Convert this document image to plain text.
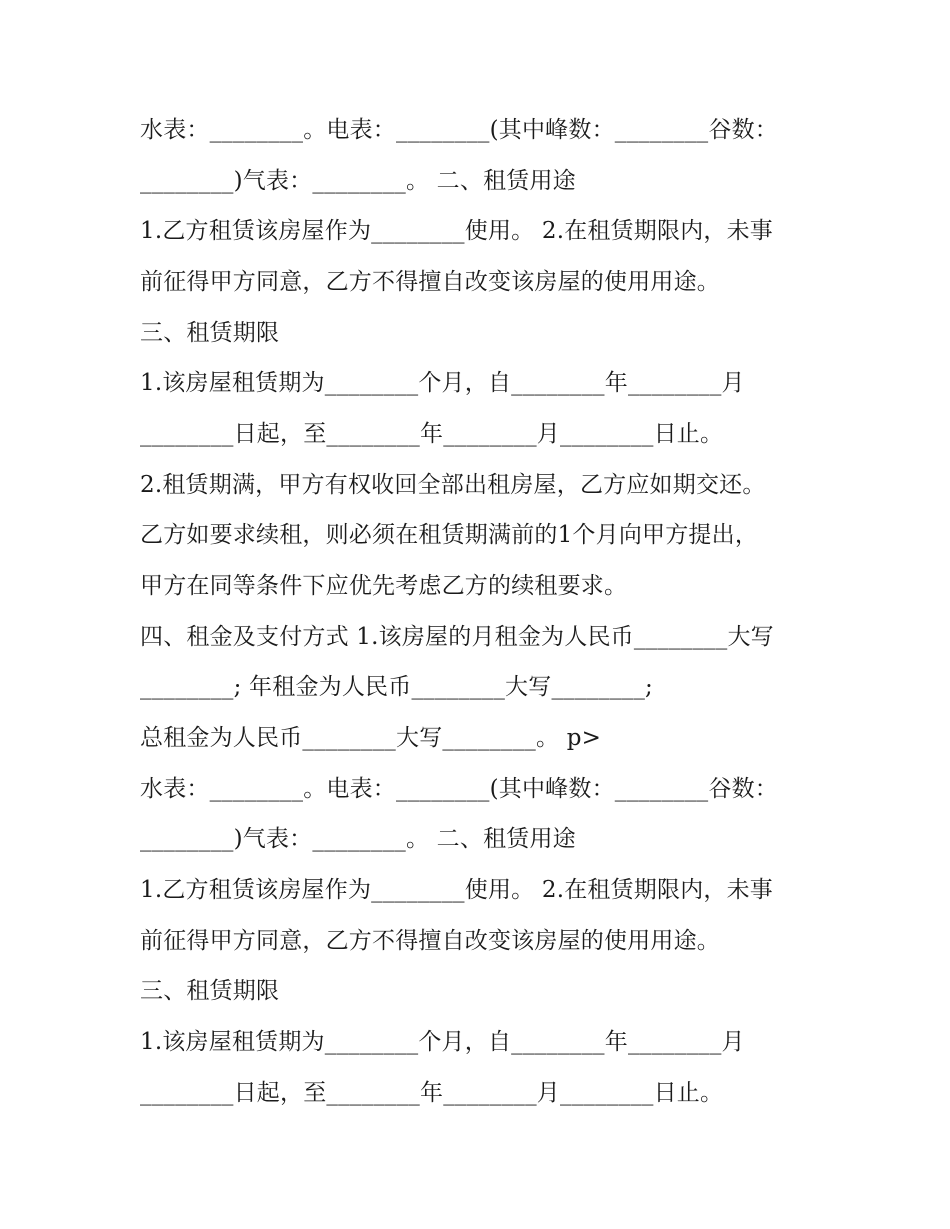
水表：________。电表：________(其中峰数：________谷数：
________)气表：________。 二、租赁用途
1.乙方租赁该房屋作为________使用。 2.在租赁期限内，未事
前征得甲方同意，乙方不得擅自改变该房屋的使用用途。
三、租赁期限
1.该房屋租赁期为________个月，自________年________月
________日起，至________年________月________日止。
2.租赁期满，甲方有权收回全部出租房屋，乙方应如期交还。
乙方如要求续租，则必须在租赁期满前的1个月向甲方提出，
甲方在同等条件下应优先考虑乙方的续租要求。
四、租金及支付方式 1.该房屋的月租金为人民币________大写
________; 年租金为人民币________大写________;
总租金为人民币________大写________。 p>
水表：________。电表：________(其中峰数：________谷数：
________)气表：________。 二、租赁用途
1.乙方租赁该房屋作为________使用。 2.在租赁期限内，未事
前征得甲方同意，乙方不得擅自改变该房屋的使用用途。
三、租赁期限
1.该房屋租赁期为________个月，自________年________月
________日起，至________年________月________日止。
